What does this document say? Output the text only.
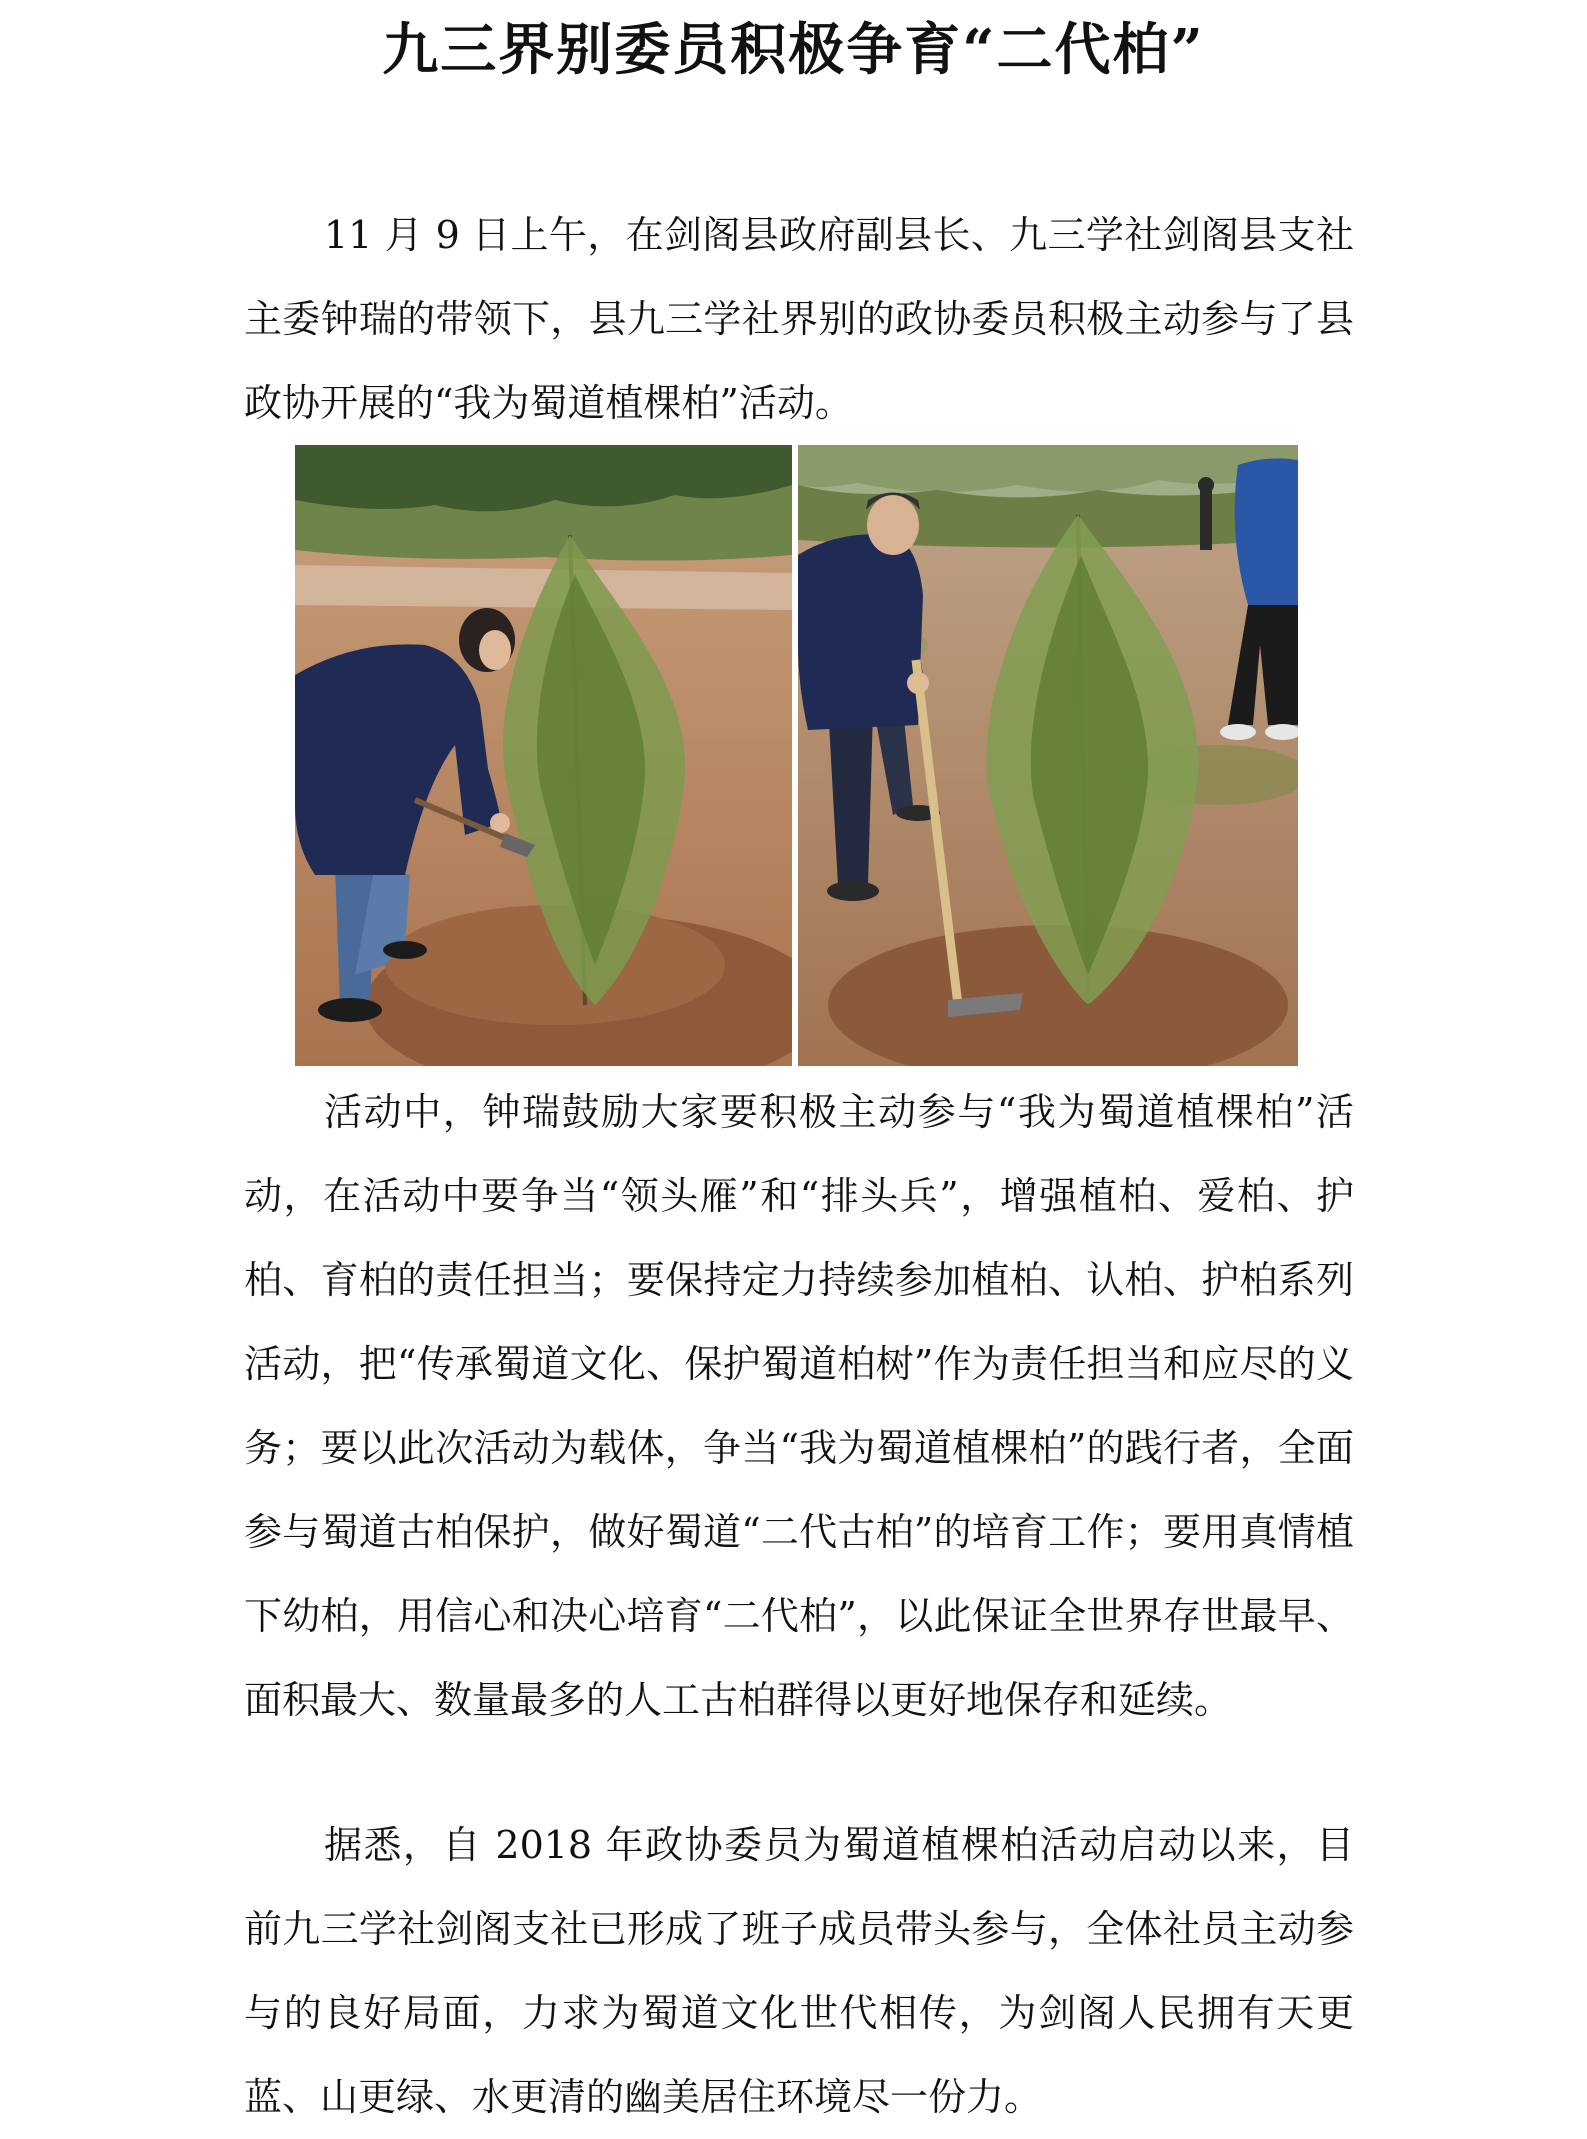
九三界别委员积极争育“二代柏”

11 月 9 日上午，在剑阁县政府副县长、九三学社剑阁县支社主委钟瑞的带领下，县九三学社界别的政协委员积极主动参与了县政协开展的“我为蜀道植棵柏”活动。

活动中，钟瑞鼓励大家要积极主动参与“我为蜀道植棵柏”活动，在活动中要争当“领头雁”和“排头兵”，增强植柏、爱柏、护柏、育柏的责任担当；要保持定力持续参加植柏、认柏、护柏系列活动，把“传承蜀道文化、保护蜀道柏树”作为责任担当和应尽的义务；要以此次活动为载体，争当“我为蜀道植棵柏”的践行者，全面参与蜀道古柏保护，做好蜀道“二代古柏”的培育工作；要用真情植下幼柏，用信心和决心培育“二代柏”，以此保证全世界存世最早、面积最大、数量最多的人工古柏群得以更好地保存和延续。

据悉，自 2018 年政协委员为蜀道植棵柏活动启动以来，目前九三学社剑阁支社已形成了班子成员带头参与，全体社员主动参与的良好局面，力求为蜀道文化世代相传，为剑阁人民拥有天更蓝、山更绿、水更清的幽美居住环境尽一份力。
